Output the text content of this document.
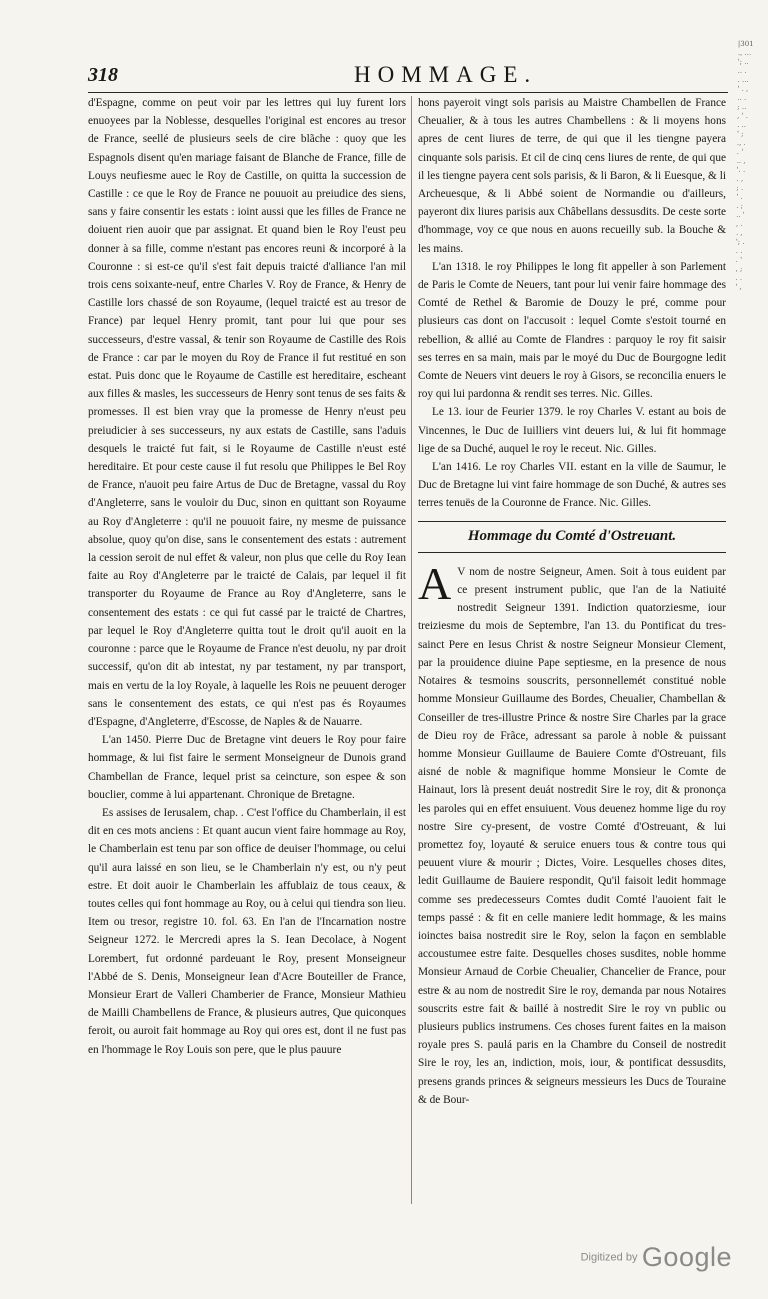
|301
., ...
'; ..
.. .
. ...
' . ,
.. .
; ..
, ' .
. ..
' ;
., .
. '
.. ,
'. .
. ,
; .
' .
. ;
.. '
, .
. ,
'; .
. .
. '
, ;
. .
' ,
318	HOMMAGE.

d'Espagne, comme on peut voir par les lettres qui luy furent lors enuoyees par la Noblesse, desquelles l'original est encores au tresor de France, seellé de plusieurs seels de cire blãche : quoy que les Espagnols disent qu'en mariage faisant de Blanche de France, fille de Louys neufiesme auec le Roy de Castille, on quitta la succession de Castille : ce que le Roy de France ne pouuoit au preiudice des siens, sans y faire consentir les estats : ioint aussi que les filles de France ne doiuent rien auoir que par assignat. Et quand bien le Roy l'eust peu donner à sa fille, comme n'estant pas encores reuni & incorporé à la Couronne : si est-ce qu'il s'est fait depuis traicté d'alliance l'an mil trois cens soixante-neuf, entre Charles V. Roy de France, & Henry de Castille lors chassé de son Royaume, (lequel traicté est au tresor de France) par lequel Henry promit, tant pour lui que pour ses successeurs, d'estre vassal, & tenir son Royaume de Castille des Rois de France : car par le moyen du Roy de France il fut restitué en son estat. Puis donc que le Royaume de Castille est hereditaire, escheant aux filles & masles, les successeurs de Henry sont tenus de ses faits & promesses. Il est bien vray que la promesse de Henry n'eust peu preiudicier à ses successeurs, ny aux estats de Castille, sans l'aduis desquels le traicté fut fait, si le Royaume de Castille n'eust esté hereditaire. Et pour ceste cause il fut resolu que Philippes le Bel Roy de France, n'auoit peu faire Artus de Duc de Bretagne, vassal du Roy d'Angleterre, sans le vouloir du Duc, sinon en quittant son Royaume au Roy d'Angleterre : qu'il ne pouuoit faire, ny mesme de puissance absolue, quoy qu'on dise, sans le consentement des estats : autrement la cession seroit de nul effet & valeur, non plus que celle du Roy Iean faite au Roy d'Angleterre par le traicté de Calais, par lequel il fit transporter du Royaume de France au Roy d'Angleterre, sans le consentement des estats : ce qui fut cassé par le traicté de Chartres, par lequel le Roy d'Angleterre quitta tout le droit qu'il auoit en la couronne : parce que le Royaume de France n'est deuolu, ny par droit successif, qu'on dit ab intestat, ny par testament, ny par transport, mais en vertu de la loy Royale, à laquelle les Rois ne peuuent deroger sans le consentement des estats, ce qui n'est pas és Royaumes d'Espagne, d'Angleterre, d'Escosse, de Naples & de Nauarre.

L'an 1450. Pierre Duc de Bretagne vint deuers le Roy pour faire hommage, & lui fist faire le serment Monseigneur de Dunois grand Chambellan de France, lequel prist sa ceincture, son espee & son bouclier, comme à lui appartenant. Chronique de Bretagne.

Es assises de Ierusalem, chap. . C'est l'office du Chamberlain, il est dit en ces mots anciens : Et quant aucun vient faire hommage au Roy, le Chamberlain est tenu par son office de deuiser l'hommage, ou celui qu'il aura laissé en son lieu, se le Chamberlain n'y est, ou n'y peut estre. Et doit auoir le Chamberlain les affublaiz de tous ceaux, & toutes celles qui font hommage au Roy, ou à celui qui tiendra son lieu. Item ou tresor, registre 10. fol. 63. En l'an de l'Incarnation nostre Seigneur 1272. le Mercredi apres la S. Iean Decolace, à Nogent Lorembert, fut ordonné pardeuant le Roy, present Monseigneur l'Abbé de S. Denis, Monseigneur Iean d'Acre Bouteiller de France, Monsieur Erart de Valleri Chamberier de France, Monsieur Mathieu de Mailli Chambellens de France, & plusieurs autres, Que quiconques feroit, ou auroit fait hommage au Roy qui ores est, dont il ne fust pas en l'hommage le Roy Louis son pere, que le plus pauure

hons payeroit vingt sols parisis au Maistre Chambellen de France Cheualier, & à tous les autres Chambellens : & li moyens hons apres de cent liures de terre, de qui que il les tiengne payera cinquante sols parisis. Et cil de cinq cens liures de rente, de qui que il les tiengne payera cent sols parisis, & li Baron, & li Euesque, & li Archeuesque, & li Abbé soient de Normandie ou d'ailleurs, payeront dix liures parisis aux Châbellans dessusdits. De ceste sorte d'hommage, voy ce que nous en auons recueilly sub. la Bouche & les mains.

L'an 1318. le roy Philippes le long fit appeller à son Parlement de Paris le Comte de Neuers, tant pour lui venir faire hommage des Comté de Rethel & Baromie de Douzy le pré, comme pour plusieurs cas dont on l'accusoit : lequel Comte s'estoit tourné en rebellion, & allié au Comte de Flandres : parquoy le roy fit saisir ses terres en sa main, mais par le moyé du Duc de Bourgogne ledit Comte de Neuers vint deuers le roy à Gisors, se reconcilia enuers le roy qui lui pardonna & rendit ses terres. Nic. Gilles.

Le 13. iour de Feurier 1379. le roy Charles V. estant au bois de Vincennes, le Duc de Iuilliers vint deuers lui, & lui fit hommage lige de sa Duché, auquel le roy le receut. Nic. Gilles.

L'an 1416. Le roy Charles VII. estant en la ville de Saumur, le Duc de Bretagne lui vint faire hommage de son Duché, & autres ses terres tenuës de la Couronne de France. Nic. Gilles.

Hommage du Comté d'Ostreuant.

A V nom de nostre Seigneur, Amen. Soit à tous euident par ce present instrument public, que l'an de la Natiuité nostredit Seigneur 1391. Indiction quatorziesme, iour treiziesme du mois de Septembre, l'an 13. du Pontificat du tres-sainct Pere en Iesus Christ & nostre Seigneur Monsieur Clement, par la prouidence diuine Pape septiesme, en la presence de nous Notaires & tesmoins souscrits, personnellemét constitué noble homme Monsieur Guillaume des Bordes, Cheualier, Chambellan & Conseiller de tres-illustre Prince & nostre Sire Charles par la grace de Dieu roy de Frãce, adressant sa parole à noble & puissant homme Monsieur Guillaume de Bauiere Comte d'Ostreuant, fils aisné de noble & magnifique homme Monsieur le Comte de Hainaut, lors là present deuát nostredit Sire le roy, dit & prononça les paroles qui en effet ensuiuent. Vous deuenez homme lige du roy nostre Sire cy-present, de vostre Comté d'Ostreuant, & lui promettez foy, loyauté & seruice enuers tous & contre tous qui peuuent viure & mourir ; Dictes, Voire. Lesquelles choses dites, ledit Guillaume de Bauiere respondit, Qu'il faisoit ledit hommage comme ses predecesseurs Comtes dudit Comté l'auoient fait le temps passé : & fit en celle maniere ledit hommage, & les mains ioinctes baisa nostredit sire le Roy, selon la façon en semblable accoustumee estre faite. Desquelles choses susdites, noble homme Monsieur Arnaud de Corbie Cheualier, Chancelier de France, pour estre & au nom de nostredit Sire le roy, demanda par nous Notaires souscrits estre fait & baillé à nostredit Sire le roy vn public ou plusieurs publics instrumens. Ces choses furent faites en la maison royale pres S. paulá paris en la Chambre du Conseil de nostredit Sire le roy, les an, indiction, mois, iour, & pontificat dessusdits, presens grands princes & seigneurs messieurs les Ducs de Touraine & de Bour-

Digitized by Google
